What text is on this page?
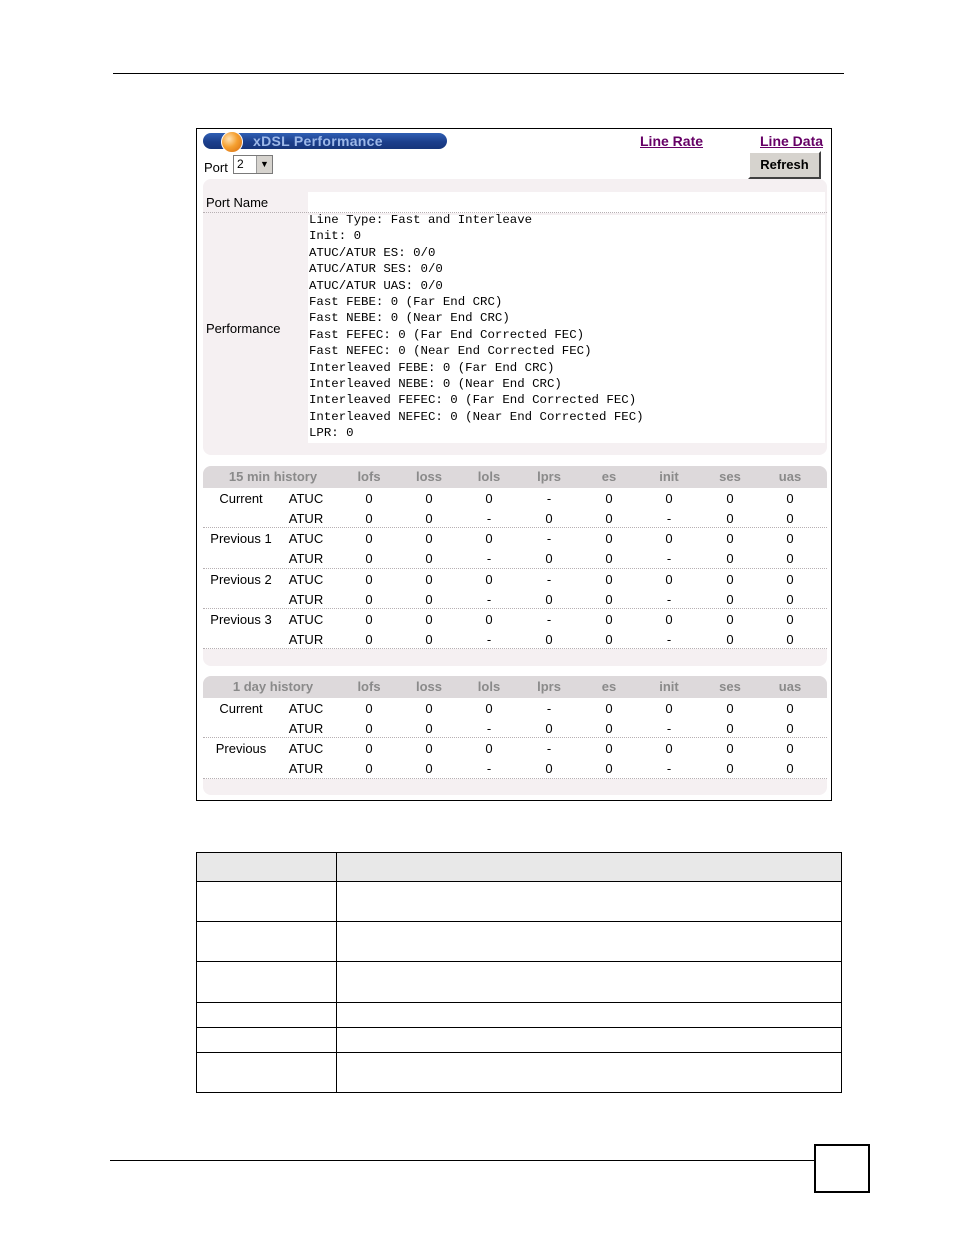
xDSL Performance	Line Rate	Line Data
Port 2	▼	Refresh
Port Name
Performance
Line Type: Fast and Interleave
Init: 0
ATUC/ATUR ES: 0/0
ATUC/ATUR SES: 0/0
ATUC/ATUR UAS: 0/0
Fast FEBE: 0 (Far End CRC)
Fast NEBE: 0 (Near End CRC)
Fast FEFEC: 0 (Far End Corrected FEC)
Fast NEFEC: 0 (Near End Corrected FEC)
Interleaved FEBE: 0 (Far End CRC)
Interleaved NEBE: 0 (Near End CRC)
Interleaved FEFEC: 0 (Far End Corrected FEC)
Interleaved NEFEC: 0 (Near End Corrected FEC)
LPR: 0
15 min history	lofs	loss	lols	lprs	es	init	ses	uas
Current ATUC	0	0	0	-	0	0	0	0
ATUR	0	0	-	0	0	-	0	0
Previous 1 ATUC	0	0	0	-	0	0	0	0
ATUR	0	0	-	0	0	-	0	0
Previous 2 ATUC	0	0	0	-	0	0	0	0
ATUR	0	0	-	0	0	-	0	0
Previous 3 ATUC	0	0	0	-	0	0	0	0
ATUR	0	0	-	0	0	-	0	0
1 day history	lofs	loss	lols	lprs	es	init	ses	uas
Current ATUC	0	0	0	-	0	0	0	0
ATUR	0	0	-	0	0	-	0	0
Previous ATUC	0	0	0	-	0	0	0	0
ATUR	0	0	-	0	0	-	0	0
